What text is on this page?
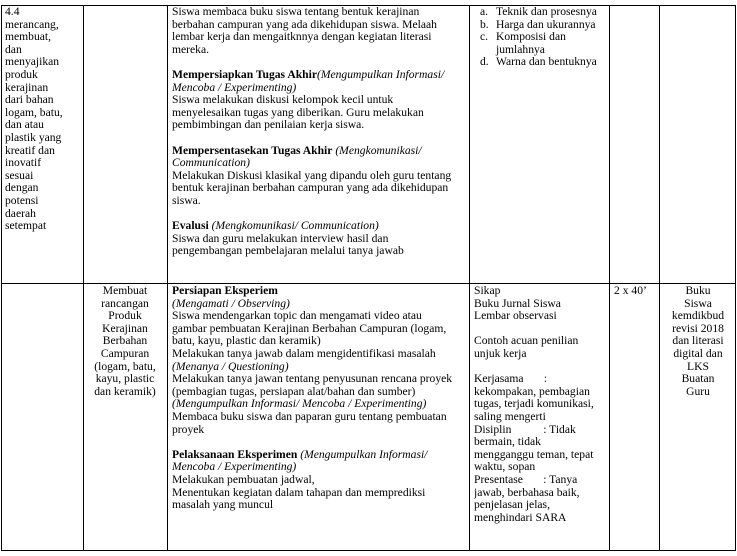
4.4
merancang,
membuat,
dan
menyajikan
produk
kerajinan
dari bahan
logam, batu,
dan atau
plastik yang
kreatif dan
inovatif
sesuai
dengan
potensi
daerah
setempat
Siswa membaca buku siswa tentang bentuk kerajinan
berbahan campuran yang ada dikehidupan siswa. Melaah
lembar kerja dan mengaitknnya dengan kegiatan literasi
mereka.
Mempersiapkan Tugas Akhir(Mengumpulkan Informasi/
Mencoba / Experimenting)
Siswa melakukan diskusi kelompok kecil untuk
menyelesaikan tugas yang diberikan. Guru melakukan
pembimbingan dan penilaian kerja siswa.
Mempersentasekan Tugas Akhir (Mengkomunikasi/
Communication)
Melakukan Diskusi klasikal yang dipandu oleh guru tentang
bentuk kerajinan berbahan campuran yang ada dikehidupan
siswa.
Evalusi (Mengkomunikasi/ Communication)
Siswa dan guru melakukan interview hasil dan
pengembangan pembelajaran melalui tanya jawab
a. Teknik dan prosesnya
b. Harga dan ukurannya
c. Komposisi dan
jumlahnya
d. Warna dan bentuknya
Membuat
rancangan
Produk
Kerajinan
Berbahan
Campuran
(logam, batu,
kayu, plastic
dan keramik)
Persiapan Eksperiem
(Mengamati / Observing)
Siswa mendengarkan topic dan mengamati video atau
gambar pembuatan Kerajinan Berbahan Campuran (logam,
batu, kayu, plastic dan keramik)
Melakukan tanya jawab dalam mengidentifikasi masalah
(Menanya / Questioning)
Melakukan tanya jawan tentang penyusunan rencana proyek
(pembagian tugas, persiapan alat/bahan dan sumber)
(Mengumpulkan Informasi/ Mencoba / Experimenting)
Membaca buku siswa dan paparan guru tentang pembuatan
proyek
Pelaksanaan Eksperimen (Mengumpulkan Informasi/
Mencoba / Experimenting)
Melakukan pembuatan jadwal,
Menentukan kegiatan dalam tahapan dan memprediksi
masalah yang muncul
Sikap
Buku Jurnal Siswa
Lembar observasi
Contoh acuan penilian
unjuk kerja
Kerjasama       :
kekompakan, pembagian
tugas, terjadi komunikasi,
saling mengerti
Disiplin           : Tidak
bermain, tidak
mengganggu teman, tepat
waktu, sopan
Presentase       : Tanya
jawab, berbahasa baik,
penjelasan jelas,
menghindari SARA
2 x 40’	Buku
Siswa
kemdikbud
revisi 2018
dan literasi
digital dan
LKS
Buatan
Guru
